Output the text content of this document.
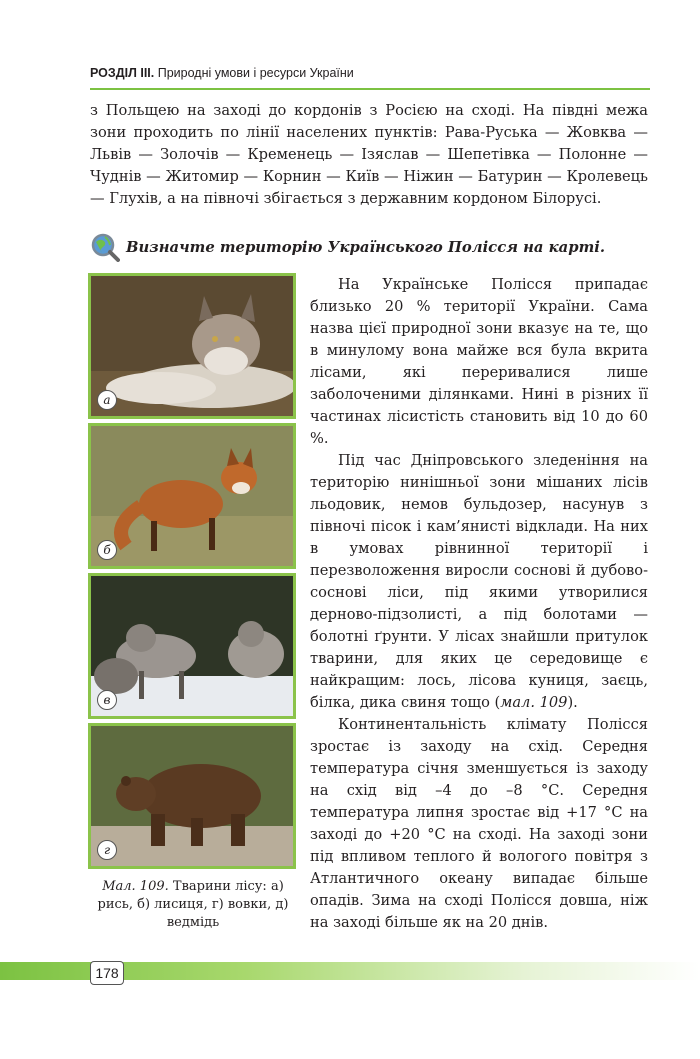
РОЗДІЛ ІІІ. Природні умови і ресурси України
з Польщею на заході до кордонів з Росією на сході. На півдні межа зони проходить по лінії населених пунктів: Рава-Руська — Жовква — Львів — Золочів — Кременець — Ізяслав — Шепетівка — Полонне — Чуднів — Житомир — Корнин — Київ — Ніжин — Батурин — Кролевець — Глухів, а на півночі збігається з державним кордоном Білорусі.
Визначте територію Українського Полісся на карті.
а
б
в
г
Мал. 109. Тварини лісу: а) рись, б) лисиця, г) вовки, д) ведмідь

На Українське Полісся припадає близько 20 % території України. Сама назва цієї природної зони вказує на те, що в минулому вона майже вся була вкрита лісами, які переривалися лише заболоченими ділянками. Нині в різних її частинах лісистість становить від 10 до 60 %.

Під час Дніпровського зледеніння на територію нинішньої зони мішаних лісів льодовик, немов бульдозер, насунув з півночі пісок і кам’янисті відклади. На них в умовах рівнинної території і перезволоження виросли соснові й дубово-соснові ліси, під якими утворилися дерново-підзолисті, а під болотами — болотні ґрунти. У лісах знайшли притулок тварини, для яких це середовище є найкращим: лось, лісова куниця, заєць, білка, дика свиня тощо (мал. 109).

Континентальність клімату Полісся зростає із заходу на схід. Середня температура січня зменшується із заходу на схід від –4 до –8 °С. Середня температура липня зростає від +17 °С на заході до +20 °С на сході. На заході зони під впливом теплого й вологого повітря з Атлантичного океану випадає більше опадів. Зима на сході Полісся довша, ніж на заході більше як на 20 днів.

178
